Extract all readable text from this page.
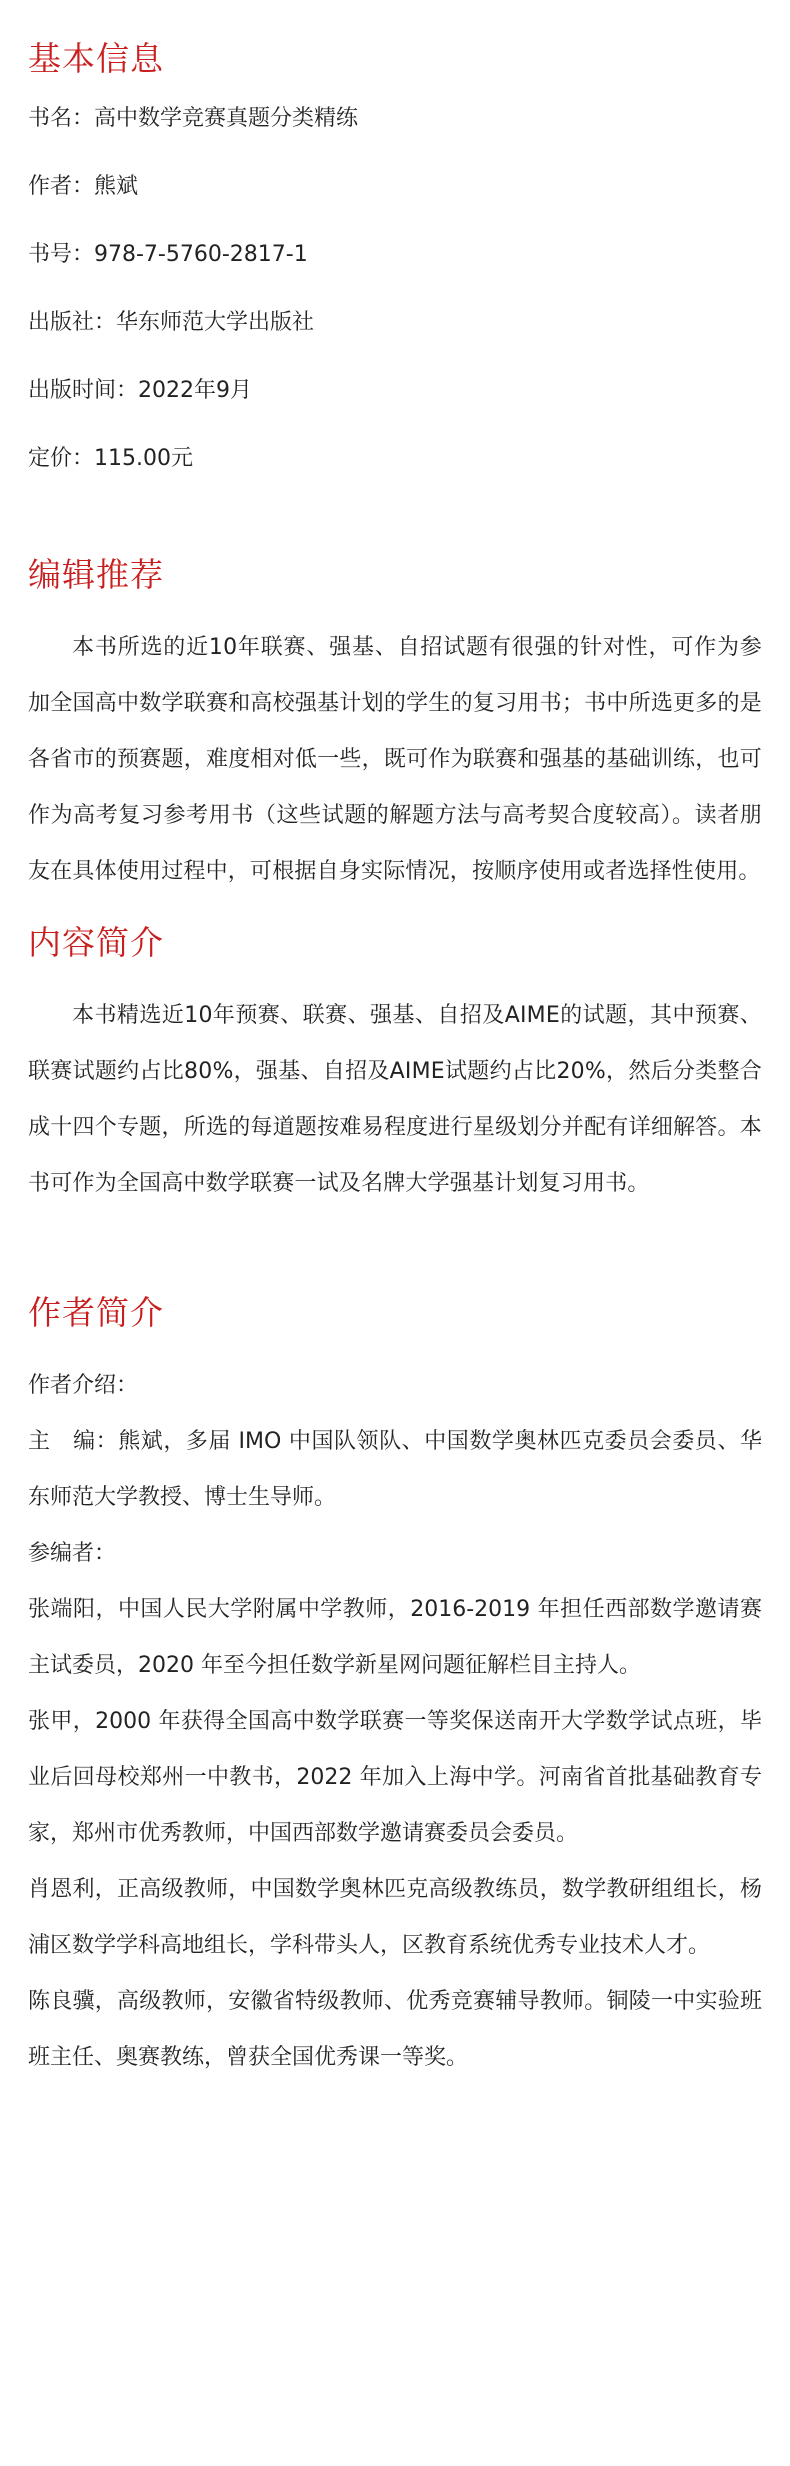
基本信息
书名：高中数学竞赛真题分类精练
作者：熊斌
书号：978-7-5760-2817-1
出版社：华东师范大学出版社
出版时间：2022年9月
定价：115.00元
编辑推荐

本书所选的近10年联赛、强基、自招试题有很强的针对性，可作为参加全国高中数学联赛和高校强基计划的学生的复习用书；书中所选更多的是各省市的预赛题，难度相对低一些，既可作为联赛和强基的基础训练，也可作为高考复习参考用书（这些试题的解题方法与高考契合度较高）。读者朋友在具体使用过程中，可根据自身实际情况，按顺序使用或者选择性使用。

内容简介

本书精选近10年预赛、联赛、强基、自招及AIME的试题，其中预赛、联赛试题约占比80%，强基、自招及AIME试题约占比20%，然后分类整合成十四个专题，所选的每道题按难易程度进行星级划分并配有详细解答。本书可作为全国高中数学联赛一试及名牌大学强基计划复习用书。

作者简介

作者介绍：

主　编：熊斌，多届 IMO 中国队领队、中国数学奥林匹克委员会委员、华东师范大学教授、博士生导师。

参编者：

张端阳，中国人民大学附属中学教师，2016-2019 年担任西部数学邀请赛主试委员，2020 年至今担任数学新星网问题征解栏目主持人。

张甲，2000 年获得全国高中数学联赛一等奖保送南开大学数学试点班，毕业后回母校郑州一中教书，2022 年加入上海中学。河南省首批基础教育专家，郑州市优秀教师，中国西部数学邀请赛委员会委员。

肖恩利，正高级教师，中国数学奥林匹克高级教练员，数学教研组组长，杨浦区数学学科高地组长，学科带头人，区教育系统优秀专业技术人才。

陈良骥，高级教师，安徽省特级教师、优秀竞赛辅导教师。铜陵一中实验班班主任、奥赛教练，曾获全国优秀课一等奖。
